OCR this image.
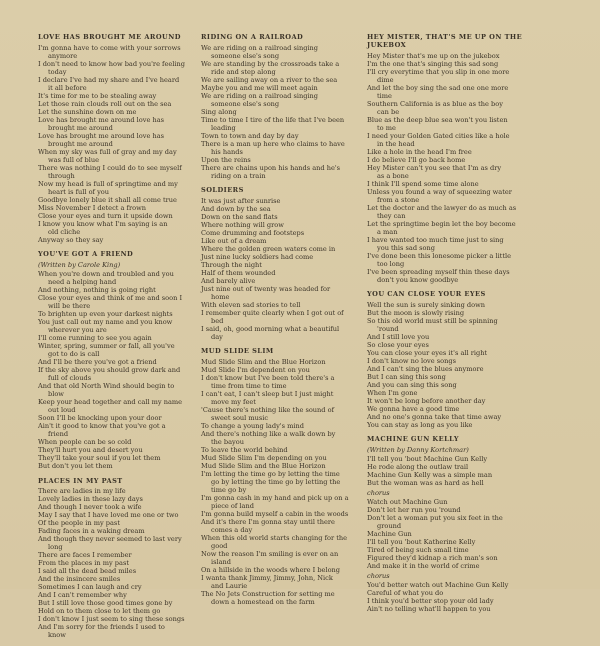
LOVE HAS BROUGHT ME AROUND
I'm gonna have to come with your sorrows
anymore
I don't need to know how bad you're feeling
today
I declare I've had my share and I've heard
it all before
It's time for me to be stealing away
Let those rain clouds roll out on the sea
Let the sunshine down on me
Love has brought me around love has
brought me around
Love has brought me around love has
brought me around
When my sky was full of gray and my day
was full of blue
There was nothing I could do to see myself
through
Now my head is full of springtime and my
heart is full of you
Goodbye lonely blue it shall all come true
Miss November I detect a frown
Close your eyes and turn it upside down
I know you know what I'm saying is an
old cliche
Anyway so they say
YOU'VE GOT A FRIEND
(Written by Carole King)
When you're down and troubled and you
need a helping hand
And nothing, nothing is going right
Close your eyes and think of me and soon I
will be there
To brighten up even your darkest nights
You just call out my name and you know
wherever you are
I'll come running to see you again
Winter, spring, summer or fall, all you've
got to do is call
And I'll be there you've got a friend
If the sky above you should grow dark and
full of clouds
And that old North Wind should begin to
blow
Keep your head together and call my name
out loud
Soon I'll be knocking upon your door
Ain't it good to know that you've got a
friend
When people can be so cold
They'll hurt you and desert you
They'll take your soul if you let them
But don't you let them
PLACES IN MY PAST
There are ladies in my life
Lovely ladies in these lazy days
And though I never took a wife
May I say that I have loved me one or two
Of the people in my past
Fading faces in a waking dream
And though they never seemed to last very
long
There are faces I remember
From the places in my past
I said all the dead bead miles
And the insincere smiles
Sometimes I can laugh and cry
And I can't remember why
But I still love those good times gone by
Hold on to them close to let them go
I don't know I just seem to sing these songs
And I'm sorry for the friends I used to
know
RIDING ON A RAILROAD
We are riding on a railroad singing
someone else's song
We are standing by the crossroads take a
ride and step along
We are sailing away on a river to the sea
Maybe you and me will meet again
We are riding on a railroad singing
someone else's song
Sing along
Time to time I tire of the life that I've been
leading
Town to town and day by day
There is a man up here who claims to have
his hands
Upon the reins
There are chains upon his hands and he's
riding on a train
SOLDIERS
It was just after sunrise
And down by the sea
Down on the sand flats
Where nothing will grow
Come drumming and footsteps
Like out of a dream
Where the golden green waters come in
Just nine lucky soldiers had come
Through the night
Half of them wounded
And barely alive
Just nine out of twenty was headed for
home
With eleven sad stories to tell
I remember quite clearly when I got out of
bed
I said, oh, good morning what a beautiful
day
MUD SLIDE SLIM
Mud Slide Slim and the Blue Horizon
Mud Slide I'm dependent on you
I don't know but I've been told there's a
time from time to time
I can't eat, I can't sleep but I just might
move my feet
'Cause there's nothing like the sound of
sweet soul music
To change a young lady's mind
And there's nothing like a walk down by
the bayou
To leave the world behind
Mud Slide Slim I'm depending on you
Mud Slide Slim and the Blue Horizon
I'm letting the time go by letting the time
go by letting the time go by letting the
time go by
I'm gonna cash in my hand and pick up on a
piece of land
I'm gonna build myself a cabin in the woods
And it's there I'm gonna stay until there
comes a day
When this old world starts changing for the
good
Now the reason I'm smiling is ever on an
island
On a hillside in the woods where I belong
I wanta thank Jimmy, Jimmy, John, Nick
and Laurie
The No Jets Construction for setting me
down a homestead on the farm
HEY MISTER, THAT'S ME UP ON THE
JUKEBOX
Hey Mister that's me up on the jukebox
I'm the one that's singing this sad song
I'll cry everytime that you slip in one more
dime
And let the boy sing the sad one one more
time
Southern California is as blue as the boy
can be
Blue as the deep blue sea won't you listen
to me
I need your Golden Gated cities like a hole
in the head
Like a hole in the head I'm free
I do believe I'll go back home
Hey Mister can't you see that I'm as dry
as a bone
I think I'll spend some time alone
Unless you found a way of squeezing water
from a stone
Let the doctor and the lawyer do as much as
they can
Let the springtime begin let the boy become
a man
I have wanted too much time just to sing
you this sad song
I've done been this lonesome picker a little
too long
I've been spreading myself thin these days
don't you know goodbye
YOU CAN CLOSE YOUR EYES
Well the sun is surely sinking down
But the moon is slowly rising
So this old world must still be spinning
'round
And I still love you
So close your eyes
You can close your eyes it's all right
I don't know no love songs
And I can't sing the blues anymore
But I can sing this song
And you can sing this song
When I'm gone
It won't be long before another day
We gonna have a good time
And no one's gonna take that time away
You can stay as long as you like
MACHINE GUN KELLY
(Written by Danny Kortchmar)
I'll tell you 'bout Machine Gun Kelly
He rode along the outlaw trail
Machine Gun Kelly was a simple man
But the woman was as hard as hell
chorus
Watch out Machine Gun
Don't let her run you 'round
Don't let a woman put you six feet in the
ground
Machine Gun
I'll tell you 'bout Katherine Kelly
Tired of being such small time
Figured they'd kidnap a rich man's son
And make it in the world of crime
chorus
You'd better watch out Machine Gun Kelly
Careful of what you do
I think you'd better stop your old lady
Ain't no telling what'll happen to you
